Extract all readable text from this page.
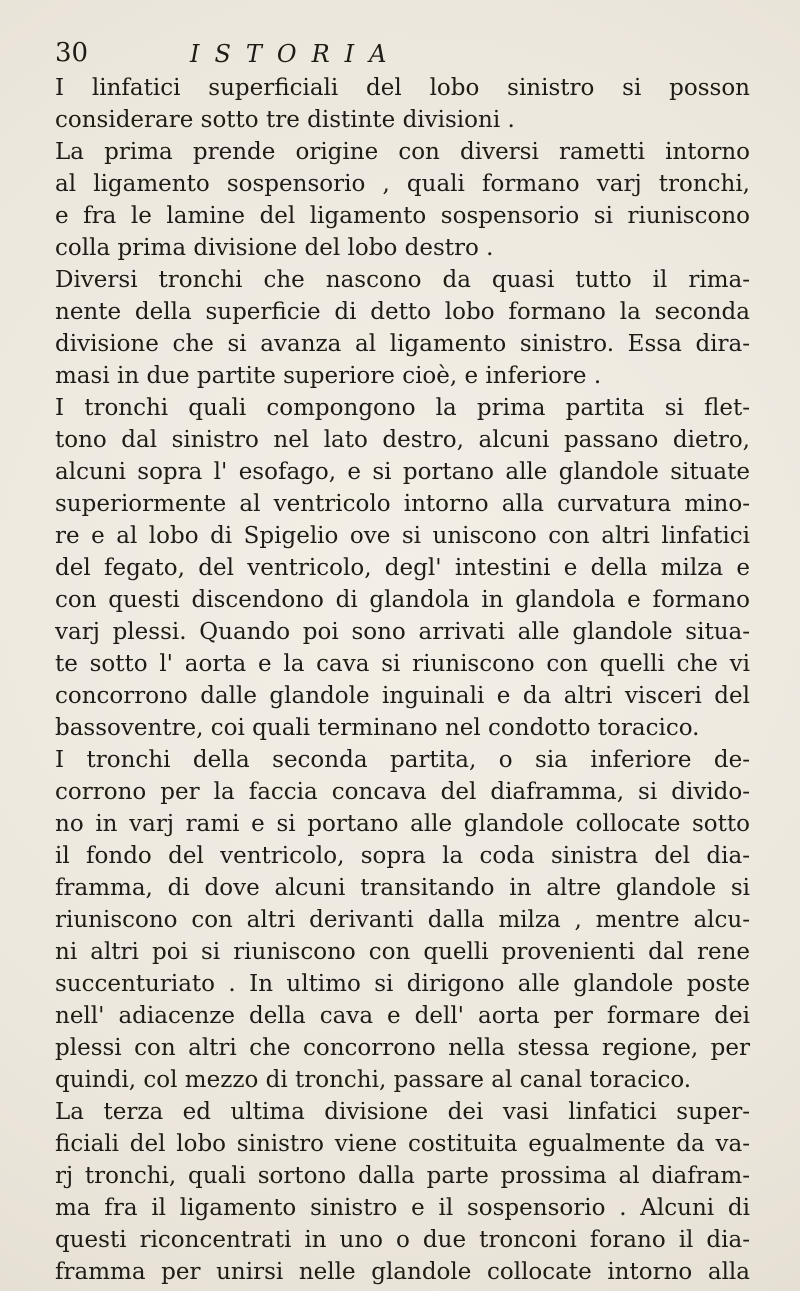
30	ISTORIA
I linfatici superficiali del lobo sinistro si posson
considerare sotto tre distinte divisioni .
La prima prende origine con diversi rametti intorno
al ligamento sospensorio , quali formano varj tronchi,
e fra le lamine del ligamento sospensorio si riuniscono
colla prima divisione del lobo destro .
Diversi tronchi che nascono da quasi tutto il rima-
nente della superficie di detto lobo formano la seconda
divisione che si avanza al ligamento sinistro. Essa dira-
masi in due partite superiore cioè, e inferiore .
I tronchi quali compongono la prima partita si flet-
tono dal sinistro nel lato destro, alcuni passano dietro,
alcuni sopra l' esofago, e si portano alle glandole situate
superiormente al ventricolo intorno alla curvatura mino-
re e al lobo di Spigelio ove si uniscono con altri linfatici
del fegato, del ventricolo, degl' intestini e della milza e
con questi discendono di glandola in glandola e formano
varj plessi. Quando poi sono arrivati alle glandole situa-
te sotto l' aorta e la cava si riuniscono con quelli che vi
concorrono dalle glandole inguinali e da altri visceri del
bassoventre, coi quali terminano nel condotto toracico.
I tronchi della seconda partita, o sia inferiore de-
corrono per la faccia concava del diaframma, si divido-
no in varj rami e si portano alle glandole collocate sotto
il fondo del ventricolo, sopra la coda sinistra del dia-
framma, di dove alcuni transitando in altre glandole si
riuniscono con altri derivanti dalla milza , mentre alcu-
ni altri poi si riuniscono con quelli provenienti dal rene
succenturiato . In ultimo si dirigono alle glandole poste
nell' adiacenze della cava e dell' aorta per formare dei
plessi con altri che concorrono nella stessa regione, per
quindi, col mezzo di tronchi, passare al canal toracico.
La terza ed ultima divisione dei vasi linfatici super-
ficiali del lobo sinistro viene costituita egualmente da va-
rj tronchi, quali sortono dalla parte prossima al diafram-
ma fra il ligamento sinistro e il sospensorio . Alcuni di
questi riconcentrati in uno o due tronconi forano il dia-
framma per unirsi nelle glandole collocate intorno alla
